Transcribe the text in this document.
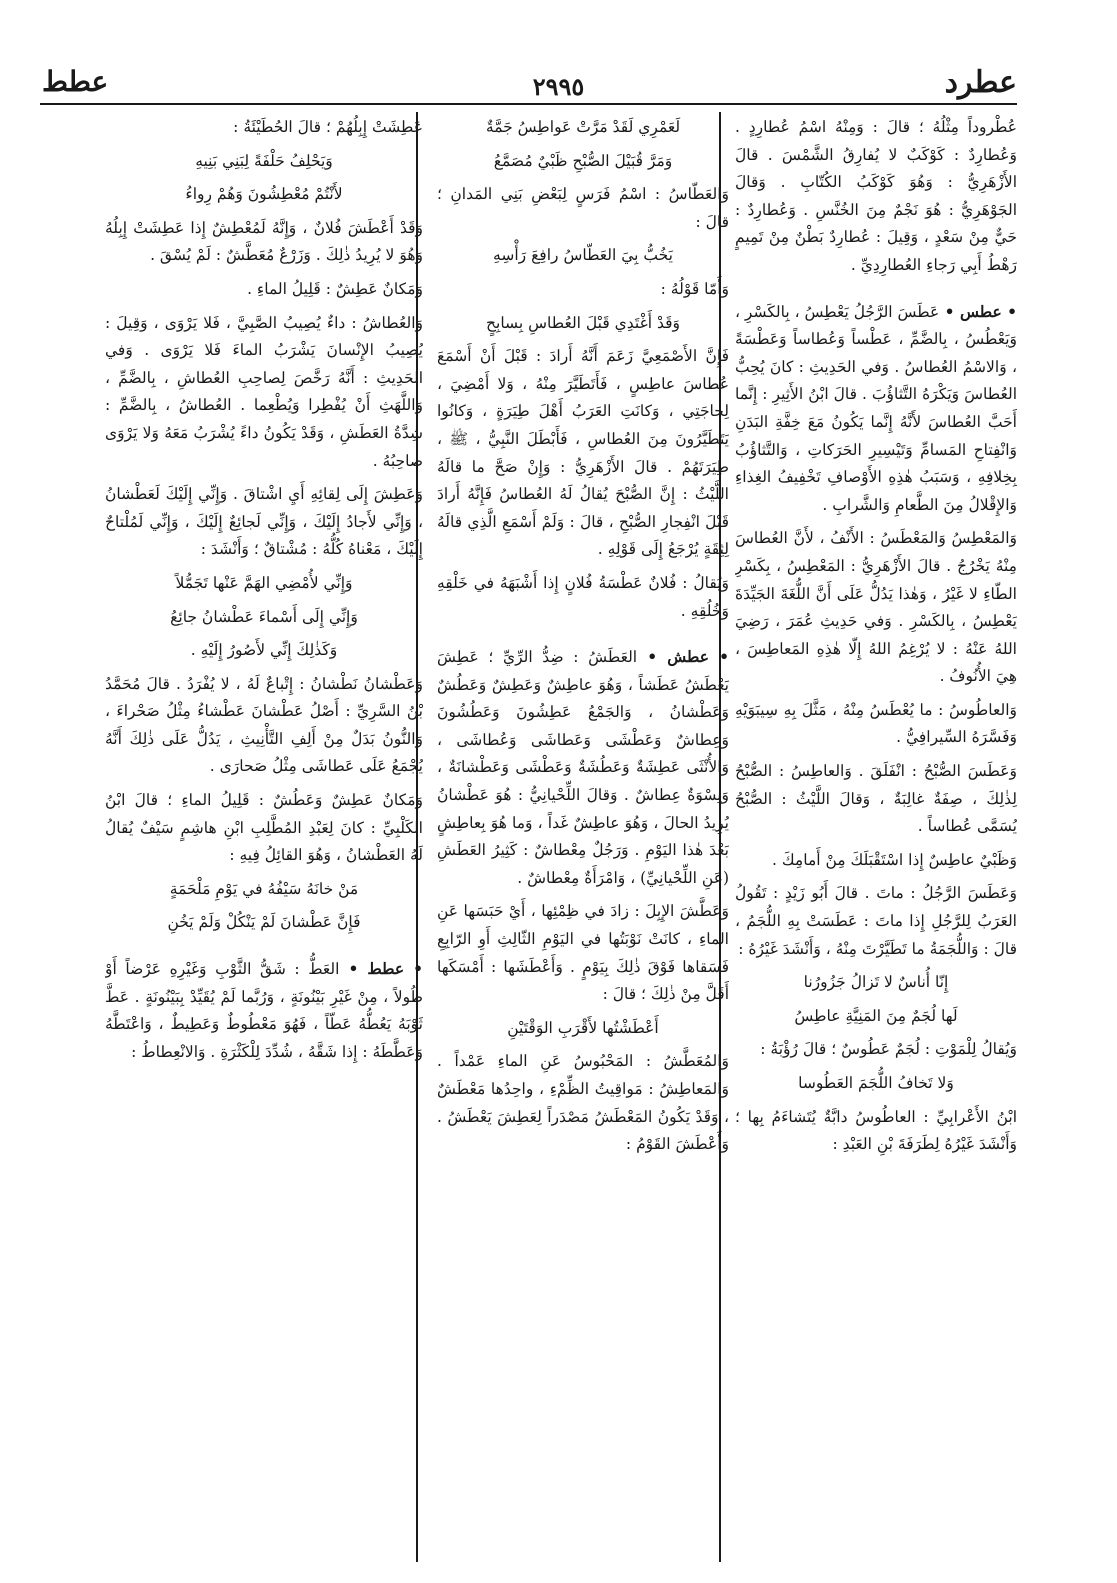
عطرد
٢٩٩٥
عطط

عُطْروداً مِثْلُهُ ؛ قالَ : وَمِنْهُ اسْمُ عُطارِدٍ . وَعُطارِدٌ : كَوْكَبٌ لا يُفارِقُ الشَّمْسَ . قالَ الأَزْهَرِيُّ : وَهُوَ كَوْكَبُ الكُتّابِ . وَقالَ الجَوْهَرِيُّ : هُوَ نَجْمٌ مِنَ الخُنَّسِ . وَعُطارِدٌ : حَيٌّ مِنْ سَعْدٍ ، وَقِيلَ : عُطارِدٌ بَطْنٌ مِنْ تَمِيمٍ رَهْطُ أَبِي رَجاءِ العُطارِدِيِّ .

• عطس • عَطَسَ الرَّجُلُ يَعْطِسُ ، بِالكَسْرِ ، وَيَعْطُسُ ، بِالضَّمِّ ، عَطْساً وَعُطاساً وَعَطْسَةً ، وَالاسْمُ العُطاسُ . وَفي الحَدِيثِ : كانَ يُحِبُّ العُطاسَ وَيَكْرَهُ التَّثاؤُبَ . قالَ ابْنُ الأَثِيرِ : إِنَّما أَحَبَّ العُطاسَ لأَنَّهُ إِنَّما يَكُونُ مَعَ خِفَّةِ البَدَنِ وَانْفِتاحِ المَسامِّ وَتَيْسِيرِ الحَرَكاتِ ، وَالتَّثاؤُبُ بِخِلافِهِ ، وَسَبَبُ هٰذِهِ الأَوْصافِ تَخْفِيفُ الغِذاءِ وَالإِقْلالُ مِنَ الطَّعامِ وَالشَّرابِ .

وَالمَعْطِسُ وَالمَعْطَسُ : الأَنْفُ ، لأَنَّ العُطاسَ مِنْهُ يَخْرُجُ . قالَ الأَزْهَرِيُّ : المَعْطِسُ ، بِكَسْرِ الطّاءِ لا غَيْرُ ، وَهٰذا يَدُلُّ عَلَى أَنَّ اللُّغَةَ الجَيِّدَةَ يَعْطِسُ ، بِالكَسْرِ . وَفي حَدِيثِ عُمَرَ ، رَضِيَ اللهُ عَنْهُ : لا يُرْغِمُ اللهُ إِلّا هٰذِهِ المَعاطِسَ ، هِيَ الأُنُوفُ .

وَالعاطُوسُ : ما يُعْطَسُ مِنْهُ ، مَثَّلَ بِهِ سِيبَوَيْهِ وَفَسَّرَهُ السِّيرافِيُّ .

وَعَطَسَ الصُّبْحُ : انْفَلَقَ . وَالعاطِسُ : الصُّبْحُ لِذٰلِكَ ، صِفَةٌ غالِبَةٌ ، وَقالَ اللَّيْثُ : الصُّبْحُ يُسَمَّى عُطاساً .

وَظَبْيٌ عاطِسٌ إِذا اسْتَقْبَلَكَ مِنْ أَمامِكَ .

وَعَطَسَ الرَّجُلُ : ماتَ . قالَ أَبُو زَيْدٍ : تَقُولُ العَرَبُ لِلرَّجُلِ إِذا ماتَ : عَطَسَتْ بِهِ اللُّجَمُ ، قالَ : وَاللُّجَمَةُ ما تَطَيَّرْتَ مِنْهُ ، وَأَنْشَدَ غَيْرُهُ :

إِنّا أُناسٌ لا تَزالُ جَزُورُنا

لَها لُجَمٌ مِنَ المَنِيَّةِ عاطِسُ

وَيُقالُ لِلْمَوْتِ : لُجَمٌ عَطُوسٌ ؛ قالَ رُؤْبَةُ :

وَلا تَخافُ اللُّجَمَ العَطُوسا

ابْنُ الأَعْرابِيِّ : العاطُوسُ دابَّةٌ يُتَشاءَمُ بِها ؛ وَأَنْشَدَ غَيْرُهُ لِطَرَفَةَ بْنِ العَبْدِ :

لَعَمْرِي لَقَدْ مَرَّتْ عَواطِسُ جَمَّةٌ

وَمَرَّ قُبَيْلَ الصُّبْحِ ظَبْيٌ مُصَمَّعُ

وَالعَطّاسُ : اسْمُ فَرَسٍ لِبَعْضِ بَنِي المَدانِ ؛ قالَ :

يَخُبُّ بِيَ العَطّاسُ رافِعَ رَأْسِهِ

وَأَمّا قَوْلُهُ :

وَقَدْ أَغْتَدِي قَبْلَ العُطاسِ بِسابِحٍ

فَإِنَّ الأَصْمَعِيَّ زَعَمَ أَنَّهُ أَرادَ : قَبْلَ أَنْ أَسْمَعَ عُطاسَ عاطِسٍ ، فَأَتَطَيَّرَ مِنْهُ ، وَلا أَمْضِيَ ، لِحاجَتِي ، وَكانَتِ العَرَبُ أَهْلَ طِيَرَةٍ ، وَكانُوا يَتَطَيَّرُونَ مِنَ العُطاسِ ، فَأَبْطَلَ النَّبِيُّ ، ﷺ ، طِيَرَتَهُمْ . قالَ الأَزْهَرِيُّ : وَإِنْ صَحَّ ما قالَهُ اللَّيْثُ : إِنَّ الصُّبْحَ يُقالُ لَهُ العُطاسُ فَإِنَّهُ أَرادَ قَبْلَ انْفِجارِ الصُّبْحِ ، قالَ : وَلَمْ أَسْمَعِ الَّذِي قالَهُ لِثِقَةٍ يُرْجَعُ إِلَى قَوْلِهِ .

وَيُقالُ : فُلانٌ عَطْسَةُ فُلانٍ إِذا أَشْبَهَهُ في خَلْقِهِ وَخُلُقِهِ .

• عطش • العَطَشُ : ضِدُّ الرِّيِّ ؛ عَطِشَ يَعْطَشُ عَطَشاً ، وَهُوَ عاطِشٌ وَعَطِشٌ وَعَطُشٌ وَعَطْشانُ ، وَالجَمْعُ عَطِشُونَ وَعَطُشُونَ وَعِطاشٌ وَعَطْشَى وَعَطاشَى وَعُطاشَى ، وَالأُنْثَى عَطِشَةٌ وَعَطُشَةٌ وَعَطْشَى وَعَطْشانَةٌ ، وَنِسْوَةٌ عِطاشٌ . وَقالَ اللِّحْيانِيُّ : هُوَ عَطْشانُ يُرِيدُ الحالَ ، وَهُوَ عاطِشٌ غَداً ، وَما هُوَ بِعاطِشٍ بَعْدَ هٰذا اليَوْمِ . وَرَجُلٌ مِعْطاشٌ : كَثِيرُ العَطَشِ (عَنِ اللِّحْيانِيِّ) ، وَامْرَأَةٌ مِعْطاشٌ .

وَعَطَّشَ الإِبِلَ : زادَ في ظِمْئِها ، أَيْ حَبَسَها عَنِ الماءِ ، كانَتْ نَوْبَتُها في اليَوْمِ الثّالِثِ أَوِ الرّابِعِ فَسَقاها فَوْقَ ذٰلِكَ بِيَوْمٍ . وَأَعْطَشَها : أَمْسَكَها أَقَلَّ مِنْ ذٰلِكَ ؛ قالَ :

أَعْطَشْتُها لأَقْرَبِ الوَقْتَيْنِ

وَالمُعَطَّشُ : المَحْبُوسُ عَنِ الماءِ عَمْداً . وَالمَعاطِشُ : مَواقِيتُ الظِّمْءِ ، واحِدُها مَعْطَشٌ ، وَقَدْ يَكُونُ المَعْطَشُ مَصْدَراً لِعَطِشَ يَعْطَشُ . وَأَعْطَشَ القَوْمُ :

عَطِشَتْ إِبِلُهُمْ ؛ قالَ الحُطَيْئَةُ :

وَيَحْلِفُ حَلْفَةً لِبَنِي بَنِيهِ

لأَنْتُمْ مُعْطِشُونَ وَهُمْ رِواءُ

وَقَدْ أَعْطَشَ فُلانٌ ، وَإِنَّهُ لَمُعْطِشٌ إِذا عَطِشَتْ إِبِلُهُ وَهُوَ لا يُرِيدُ ذٰلِكَ . وَزَرْعٌ مُعَطَّشٌ : لَمْ يُسْقَ .

وَمَكانٌ عَطِشٌ : قَلِيلُ الماءِ .

وَالعُطاشُ : داءٌ يُصِيبُ الصَّبِيَّ ، فَلا يَرْوَى ، وَقِيلَ : يُصِيبُ الإِنْسانَ يَشْرَبُ الماءَ فَلا يَرْوَى . وَفي الحَدِيثِ : أَنَّهُ رَخَّصَ لِصاحِبِ العُطاشِ ، بِالضَّمِّ ، وَاللَّهَثِ أَنْ يُفْطِرا وَيُطْعِما . العُطاشُ ، بِالضَّمِّ : شِدَّةُ العَطَشِ ، وَقَدْ يَكُونُ داءً يُشْرَبُ مَعَهُ وَلا يَرْوَى صاحِبُهُ .

وَعَطِشَ إِلَى لِقائِهِ أَيِ اشْتاقَ . وَإِنِّي إِلَيْكَ لَعَطْشانُ ، وَإِنِّي لأَجادُ إِلَيْكَ ، وَإِنِّي لَجائِعٌ إِلَيْكَ ، وَإِنِّي لَمُلْتاحٌ إِلَيْكَ ، مَعْناهُ كُلُّهُ : مُشْتاقٌ ؛ وَأَنْشَدَ :

وَإِنِّي لأُمْضِي الهَمَّ عَنْها تَجَمُّلاً

وَإِنِّي إِلَى أَسْماءَ عَطْشانُ جائِعُ

وَكَذٰلِكَ إِنِّي لأَصُورُ إِلَيْهِ .

وَعَطْشانُ نَطْشانُ : إِتْباعٌ لَهُ ، لا يُفْرَدُ . قالَ مُحَمَّدُ بْنُ السَّرِيِّ : أَصْلُ عَطْشانَ عَطْشاءُ مِثْلُ صَحْراءَ ، وَالنُّونُ بَدَلٌ مِنْ أَلِفِ التَّأْنِيثِ ، يَدُلُّ عَلَى ذٰلِكَ أَنَّهُ يُجْمَعُ عَلَى عَطاشَى مِثْلُ صَحارَى .

وَمَكانٌ عَطِشٌ وَعَطُشٌ : قَلِيلُ الماءِ ؛ قالَ ابْنُ الكَلْبِيِّ : كانَ لِعَبْدِ المُطَّلِبِ ابْنِ هاشِمٍ سَيْفٌ يُقالُ لَهُ العَطْشانُ ، وَهُوَ القائِلُ فِيهِ :

مَنْ خانَهُ سَيْفُهُ في يَوْمِ مَلْحَمَةٍ

فَإِنَّ عَطْشانَ لَمْ يَنْكُلْ وَلَمْ يَخُنِ

• عطط • العَطُّ : شَقُّ الثَّوْبِ وَغَيْرِهِ عَرْضاً أَوْ طُولاً ، مِنْ غَيْرِ بَيْنُونَةٍ ، وَرُبَّما لَمْ يُقَيِّدْ بِبَيْنُونَةٍ . عَطَّ ثَوْبَهُ يَعُطُّهُ عَطّاً ، فَهُوَ مَعْطُوطٌ وَعَطِيطٌ ، وَاعْتَطَّهُ وَعَطَّطَهُ : إِذا شَقَّهُ ، شُدِّدَ لِلْكَثْرَةِ . وَالانْعِطاطُ :
